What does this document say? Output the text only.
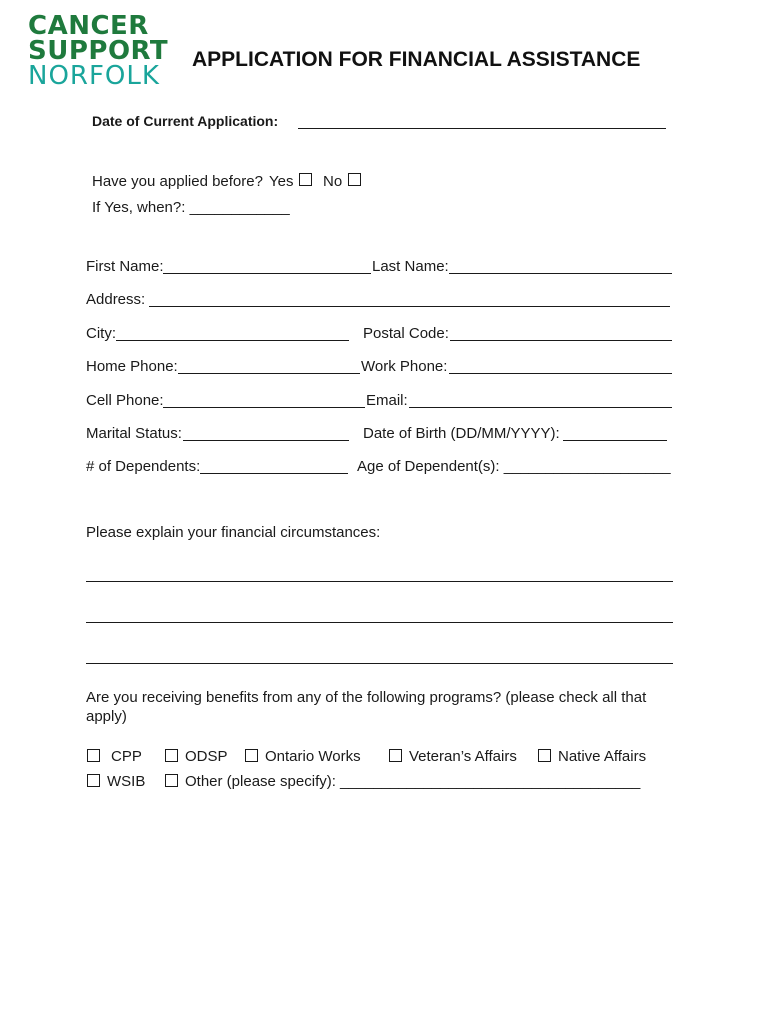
CANCER
SUPPORT
NORFOLK
APPLICATION FOR FINANCIAL ASSISTANCE
Date of Current Application:
Have you applied before? Yes No
If Yes, when?: ____________
First Name:	Last Name:
Address:
City:	Postal Code:
Home Phone:	Work Phone:
Cell Phone:	Email:
Marital Status:	Date of Birth (DD/MM/YYYY):
# of Dependents:	Age of Dependent(s): ____________________
Please explain your financial circumstances:
Are you receiving benefits from any of the following programs? (please check all that
apply)
CPP	ODSP Ontario Works	Veteran’s Affairs	Native Affairs
WSIB	Other (please specify): ____________________________________
